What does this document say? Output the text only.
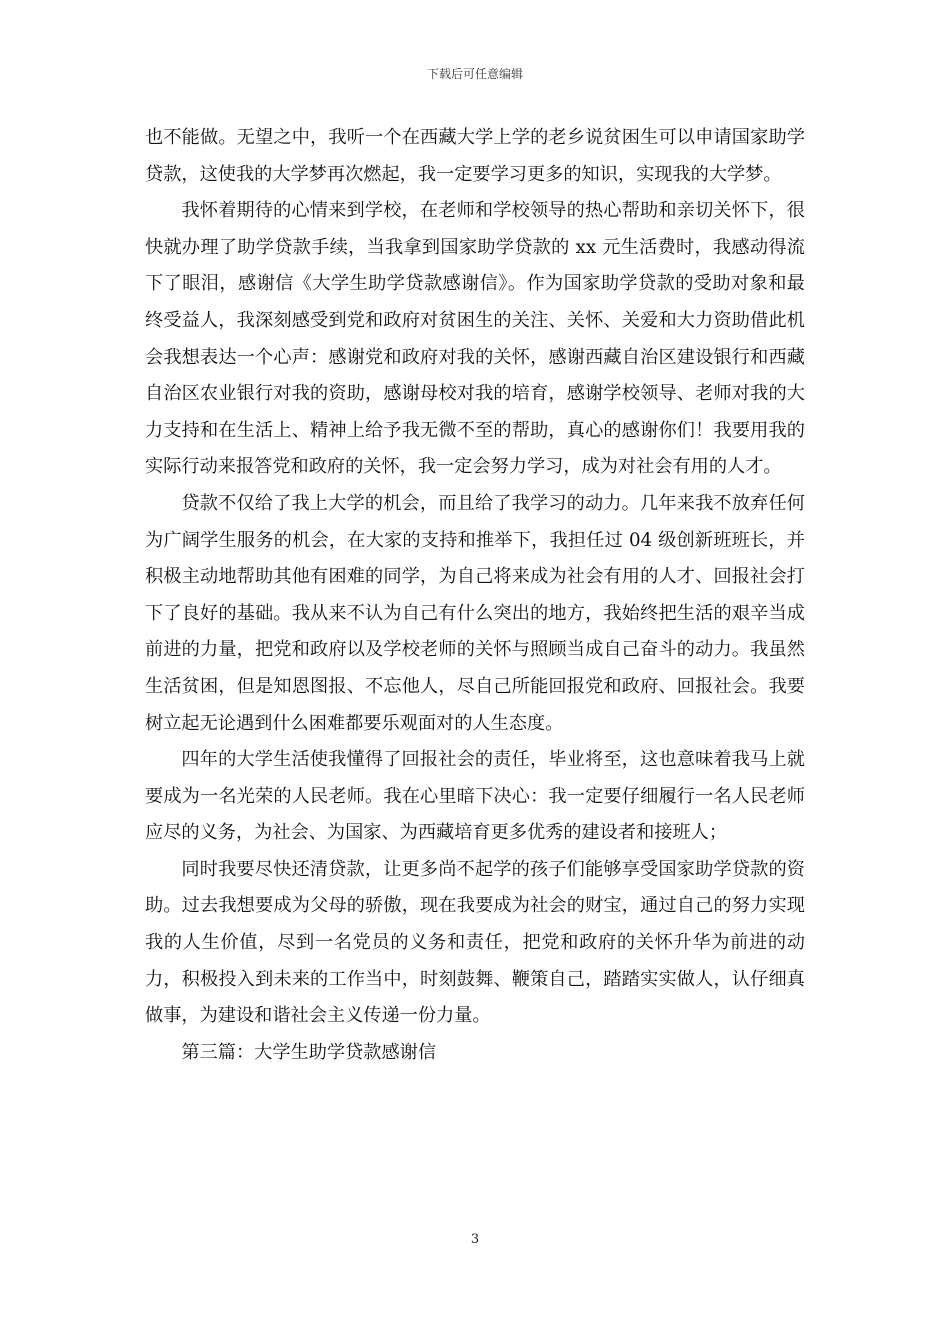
下载后可任意编辑

也不能做。无望之中，我听一个在西藏大学上学的老乡说贫困生可以申请国家助学贷款，这使我的大学梦再次燃起，我一定要学习更多的知识，实现我的大学梦。

我怀着期待的心情来到学校，在老师和学校领导的热心帮助和亲切关怀下，很快就办理了助学贷款手续，当我拿到国家助学贷款的 xx 元生活费时，我感动得流下了眼泪，感谢信《大学生助学贷款感谢信》。作为国家助学贷款的受助对象和最终受益人，我深刻感受到党和政府对贫困生的关注、关怀、关爱和大力资助借此机会我想表达一个心声：感谢党和政府对我的关怀，感谢西藏自治区建设银行和西藏自治区农业银行对我的资助，感谢母校对我的培育，感谢学校领导、老师对我的大力支持和在生活上、精神上给予我无微不至的帮助，真心的感谢你们！我要用我的实际行动来报答党和政府的关怀，我一定会努力学习，成为对社会有用的人才。

贷款不仅给了我上大学的机会，而且给了我学习的动力。几年来我不放弃任何为广阔学生服务的机会，在大家的支持和推举下，我担任过 04 级创新班班长，并积极主动地帮助其他有困难的同学，为自己将来成为社会有用的人才、回报社会打下了良好的基础。我从来不认为自己有什么突出的地方，我始终把生活的艰辛当成前进的力量，把党和政府以及学校老师的关怀与照顾当成自己奋斗的动力。我虽然生活贫困，但是知恩图报、不忘他人，尽自己所能回报党和政府、回报社会。我要树立起无论遇到什么困难都要乐观面对的人生态度。

四年的大学生活使我懂得了回报社会的责任，毕业将至，这也意味着我马上就要成为一名光荣的人民老师。我在心里暗下决心：我一定要仔细履行一名人民老师应尽的义务，为社会、为国家、为西藏培育更多优秀的建设者和接班人；

同时我要尽快还清贷款，让更多尚不起学的孩子们能够享受国家助学贷款的资助。过去我想要成为父母的骄傲，现在我要成为社会的财宝，通过自己的努力实现我的人生价值，尽到一名党员的义务和责任，把党和政府的关怀升华为前进的动力，积极投入到未来的工作当中，时刻鼓舞、鞭策自己，踏踏实实做人，认仔细真做事，为建设和谐社会主义传递一份力量。

第三篇：大学生助学贷款感谢信

3
